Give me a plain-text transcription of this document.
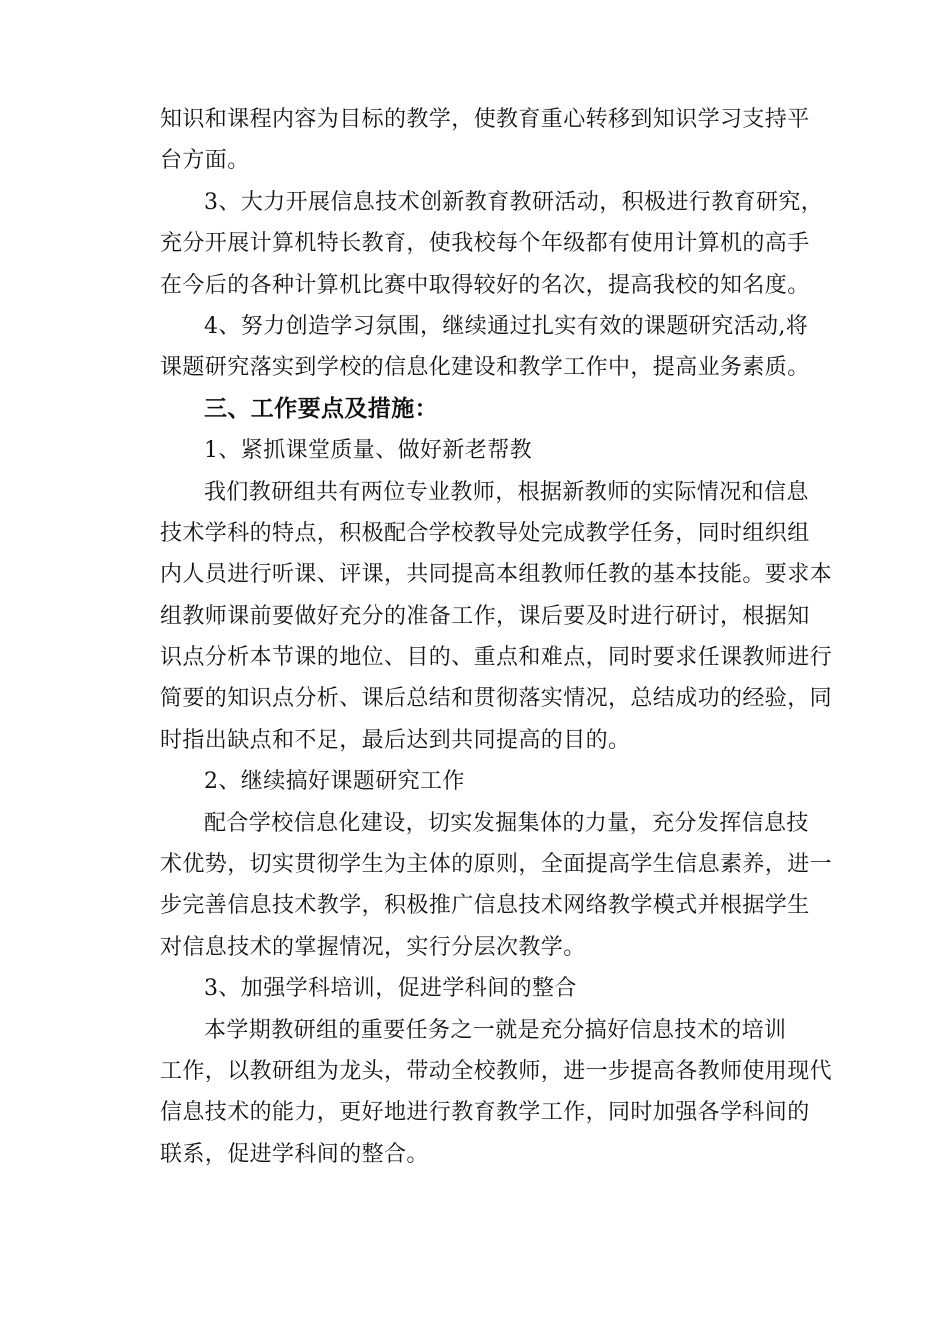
知识和课程内容为目标的教学，使教育重心转移到知识学习支持平
台方面。
3、大力开展信息技术创新教育教研活动，积极进行教育研究，
充分开展计算机特长教育，使我校每个年级都有使用计算机的高手
在今后的各种计算机比赛中取得较好的名次，提高我校的知名度。
4、努力创造学习氛围，继续通过扎实有效的课题研究活动,将
课题研究落实到学校的信息化建设和教学工作中，提高业务素质。
三、工作要点及措施：
1、紧抓课堂质量、做好新老帮教
我们教研组共有两位专业教师，根据新教师的实际情况和信息
技术学科的特点，积极配合学校教导处完成教学任务，同时组织组
内人员进行听课、评课，共同提高本组教师任教的基本技能。要求本
组教师课前要做好充分的准备工作，课后要及时进行研讨，根据知
识点分析本节课的地位、目的、重点和难点，同时要求任课教师进行
简要的知识点分析、课后总结和贯彻落实情况，总结成功的经验，同
时指出缺点和不足，最后达到共同提高的目的。
2、继续搞好课题研究工作
配合学校信息化建设，切实发掘集体的力量，充分发挥信息技
术优势，切实贯彻学生为主体的原则，全面提高学生信息素养，进一
步完善信息技术教学，积极推广信息技术网络教学模式并根据学生
对信息技术的掌握情况，实行分层次教学。
3、加强学科培训，促进学科间的整合
本学期教研组的重要任务之一就是充分搞好信息技术的培训
工作，以教研组为龙头，带动全校教师，进一步提高各教师使用现代
信息技术的能力，更好地进行教育教学工作，同时加强各学科间的
联系，促进学科间的整合。
